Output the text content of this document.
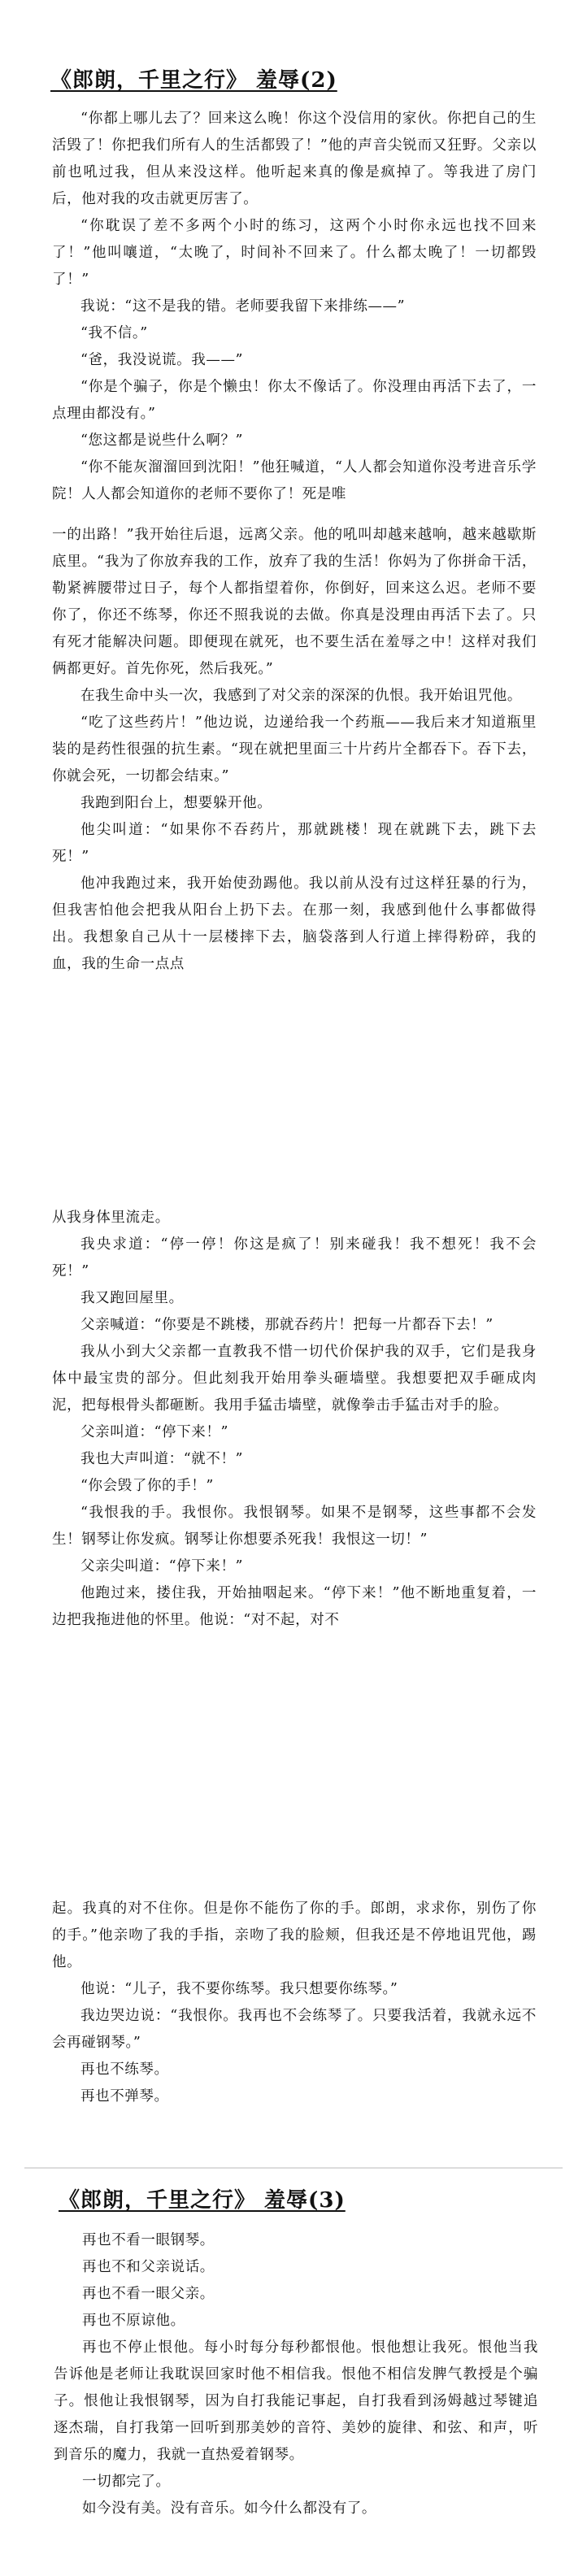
《郎朗，千里之行》 羞辱(2)

“你都上哪儿去了？回来这么晚！你这个没信用的家伙。你把自己的生活毁了！你把我们所有人的生活都毁了！”他的声音尖锐而又狂野。父亲以前也吼过我，但从来没这样。他听起来真的像是疯掉了。等我进了房门后，他对我的攻击就更厉害了。

“你耽误了差不多两个小时的练习，这两个小时你永远也找不回来了！”他叫嚷道，“太晚了，时间补不回来了。什么都太晚了！一切都毁了！”

我说：“这不是我的错。老师要我留下来排练——”

“我不信。”

“爸，我没说谎。我——”

“你是个骗子，你是个懒虫！你太不像话了。你没理由再活下去了，一点理由都没有。”

“您这都是说些什么啊？”

“你不能灰溜溜回到沈阳！”他狂喊道，“人人都会知道你没考进音乐学院！人人都会知道你的老师不要你了！死是唯

一的出路！”我开始往后退，远离父亲。他的吼叫却越来越响，越来越歇斯底里。“我为了你放弃我的工作，放弃了我的生活！你妈为了你拼命干活，勒紧裤腰带过日子，每个人都指望着你，你倒好，回来这么迟。老师不要你了，你还不练琴，你还不照我说的去做。你真是没理由再活下去了。只有死才能解决问题。即便现在就死，也不要生活在羞辱之中！这样对我们俩都更好。首先你死，然后我死。”

在我生命中头一次，我感到了对父亲的深深的仇恨。我开始诅咒他。

“吃了这些药片！”他边说，边递给我一个药瓶——我后来才知道瓶里装的是药性很强的抗生素。“现在就把里面三十片药片全都吞下。吞下去，你就会死，一切都会结束。”

我跑到阳台上，想要躲开他。

他尖叫道：“如果你不吞药片，那就跳楼！现在就跳下去，跳下去死！”

他冲我跑过来，我开始使劲踢他。我以前从没有过这样狂暴的行为，但我害怕他会把我从阳台上扔下去。在那一刻，我感到他什么事都做得出。我想象自己从十一层楼摔下去，脑袋落到人行道上摔得粉碎，我的血，我的生命一点点

从我身体里流走。

我央求道：“停一停！你这是疯了！别来碰我！我不想死！我不会死！”

我又跑回屋里。

父亲喊道：“你要是不跳楼，那就吞药片！把每一片都吞下去！”

我从小到大父亲都一直教我不惜一切代价保护我的双手，它们是我身体中最宝贵的部分。但此刻我开始用拳头砸墙壁。我想要把双手砸成肉泥，把每根骨头都砸断。我用手猛击墙壁，就像拳击手猛击对手的脸。

父亲叫道：“停下来！”

我也大声叫道：“就不！”

“你会毁了你的手！”

“我恨我的手。我恨你。我恨钢琴。如果不是钢琴，这些事都不会发生！钢琴让你发疯。钢琴让你想要杀死我！我恨这一切！”

父亲尖叫道：“停下来！”

他跑过来，搂住我，开始抽咽起来。“停下来！”他不断地重复着，一边把我拖进他的怀里。他说：“对不起，对不

起。我真的对不住你。但是你不能伤了你的手。郎朗，求求你，别伤了你的手。”他亲吻了我的手指，亲吻了我的脸颊，但我还是不停地诅咒他，踢他。

他说：“儿子，我不要你练琴。我只想要你练琴。”

我边哭边说：“我恨你。我再也不会练琴了。只要我活着，我就永远不会再碰钢琴。”

再也不练琴。

再也不弹琴。

《郎朗，千里之行》 羞辱(3)

再也不看一眼钢琴。

再也不和父亲说话。

再也不看一眼父亲。

再也不原谅他。

再也不停止恨他。每小时每分每秒都恨他。恨他想让我死。恨他当我告诉他是老师让我耽误回家时他不相信我。恨他不相信发脾气教授是个骗子。恨他让我恨钢琴，因为自打我能记事起，自打我看到汤姆越过琴键追逐杰瑞，自打我第一回听到那美妙的音符、美妙的旋律、和弦、和声，听到音乐的魔力，我就一直热爱着钢琴。

一切都完了。

如今没有美。没有音乐。如今什么都没有了。
